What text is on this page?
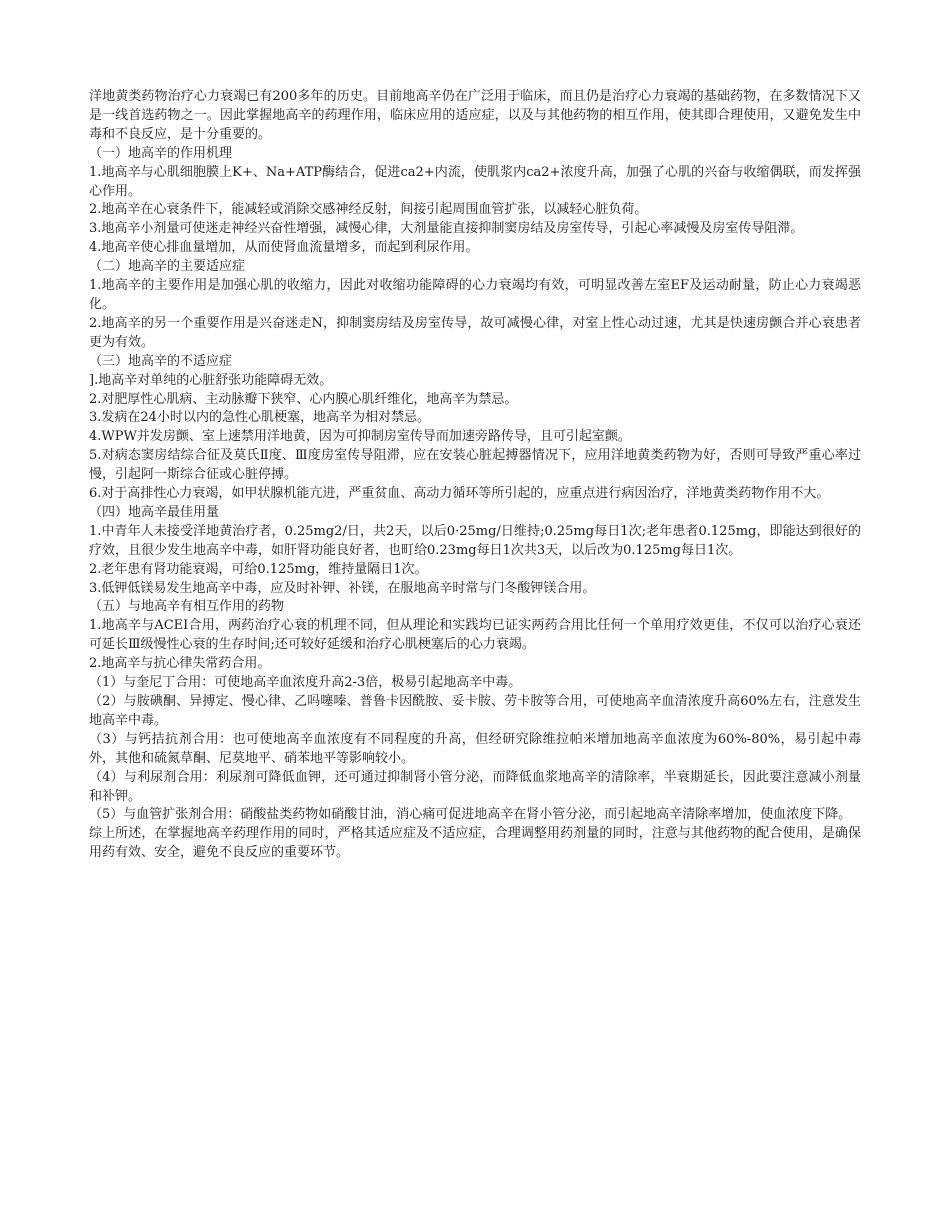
洋地黄类药物治疗心力衰竭已有200多年的历史。目前地高辛仍在广泛用于临床，而且仍是治疗心力衰竭的基础药物，在多数情况下又是一线首选药物之一。因此掌握地高辛的药理作用，临床应用的适应症，以及与其他药物的相互作用，使其即合理使用，又避免发生中毒和不良反应，是十分重要的。

（一）地高辛的作用机理

1.地高辛与心肌细胞膜上K+、Na+ATP酶结合，促进ca2+内流，使肌浆内ca2+浓度升高，加强了心肌的兴奋与收缩偶联，而发挥强心作用。

2.地高辛在心衰条件下，能减轻或消除交感神经反射，间接引起周围血管扩张，以减轻心脏负荷。

3.地高辛小剂量可使迷走神经兴奋性增强，减慢心律，大剂量能直接抑制窦房结及房室传导，引起心率减慢及房室传导阻滞。

4.地高辛使心排血量增加，从而使肾血流量增多，而起到利尿作用。

（二）地高辛的主要适应症

1.地高辛的主要作用是加强心肌的收缩力，因此对收缩功能障碍的心力衰竭均有效，可明显改善左室EF及运动耐量，防止心力衰竭恶化。

2.地高辛的另一个重要作用是兴奋迷走N，抑制窦房结及房室传导，故可减慢心律，对室上性心动过速，尤其是快速房颤合并心衰患者更为有效。

（三）地高辛的不适应症

].地高辛对单纯的心脏舒张功能障碍无效。

2.对肥厚性心肌病、主动脉瓣下狭窄、心内膜心肌纤维化，地高辛为禁忌。

3.发病在24小时以内的急性心肌梗塞，地高辛为相对禁忌。

4.WPW并发房颤、室上速禁用洋地黄，因为可抑制房室传导而加速旁路传导，且可引起室颤。

5.对病态窦房结综合征及莫氏Ⅱ度、Ⅲ度房室传导阻滞，应在安装心脏起搏器情况下，应用洋地黄类药物为好，否则可导致严重心率过慢，引起阿一斯综合征或心脏停搏。

6.对于高排性心力衰竭，如甲状腺机能亢进，严重贫血、高动力循环等所引起的，应重点进行病因治疗，洋地黄类药物作用不大。

（四）地高辛最佳用量

1.中青年人未接受洋地黄治疗者，0.25mg2/日，共2天，以后0·25mg/日维持;0.25mg每日1次;老年患者0.125mg，即能达到很好的疗效，且很少发生地高辛中毒，如肝肾功能良好者，也町给0.23mg每日1次共3天，以后改为0.125mg每日1次。

2.老年患有肾功能衰竭，可给0.125mg，维持量隔日1次。

3.低钾低镁易发生地高辛中毒，应及时补钾、补镁，在服地高辛时常与门冬酸钾镁合用。

（五）与地高辛有相互作用的药物

1.地高辛与ACEI合用，两药治疗心衰的机理不同，但从理论和实践均已证实两药合用比任何一个单用疗效更佳，不仅可以治疗心衰还可延长Ⅲ级慢性心衰的生存时间;还可较好延缓和治疗心肌梗塞后的心力衰竭。

2.地高辛与抗心律失常药合用。

（1）与奎尼丁合用：可使地高辛血浓度升高2-3倍，极易引起地高辛中毒。

（2）与胺碘酮、异搏定、慢心律、乙吗噻嗪、普鲁卡因酰胺、妥卡胺、劳卡胺等合用，可使地高辛血清浓度升高60%左右，注意发生地高辛中毒。

（3）与钙拮抗剂合用：也可使地高辛血浓度有不同程度的升高，但经研究除维拉帕米增加地高辛血浓度为60%-80%，易引起中毒外，其他和硫氮草酮、尼莫地平、硝苯地平等影响较小。

（4）与利尿剂合用：利尿剂可降低血钾，还可通过抑制肾小管分泌，而降低血浆地高辛的清除率，半衰期延长，因此要注意减小剂量和补钾。

（5）与血管扩张剂合用：硝酸盐类药物如硝酸甘油，消心痛可促进地高辛在肾小管分泌，而引起地高辛清除率增加，使血浓度下降。

综上所述，在掌握地高辛药理作用的同时，严格其适应症及不适应症，合理调整用药剂量的同时，注意与其他药物的配合使用，是确保用药有效、安全，避免不良反应的重要环节。
